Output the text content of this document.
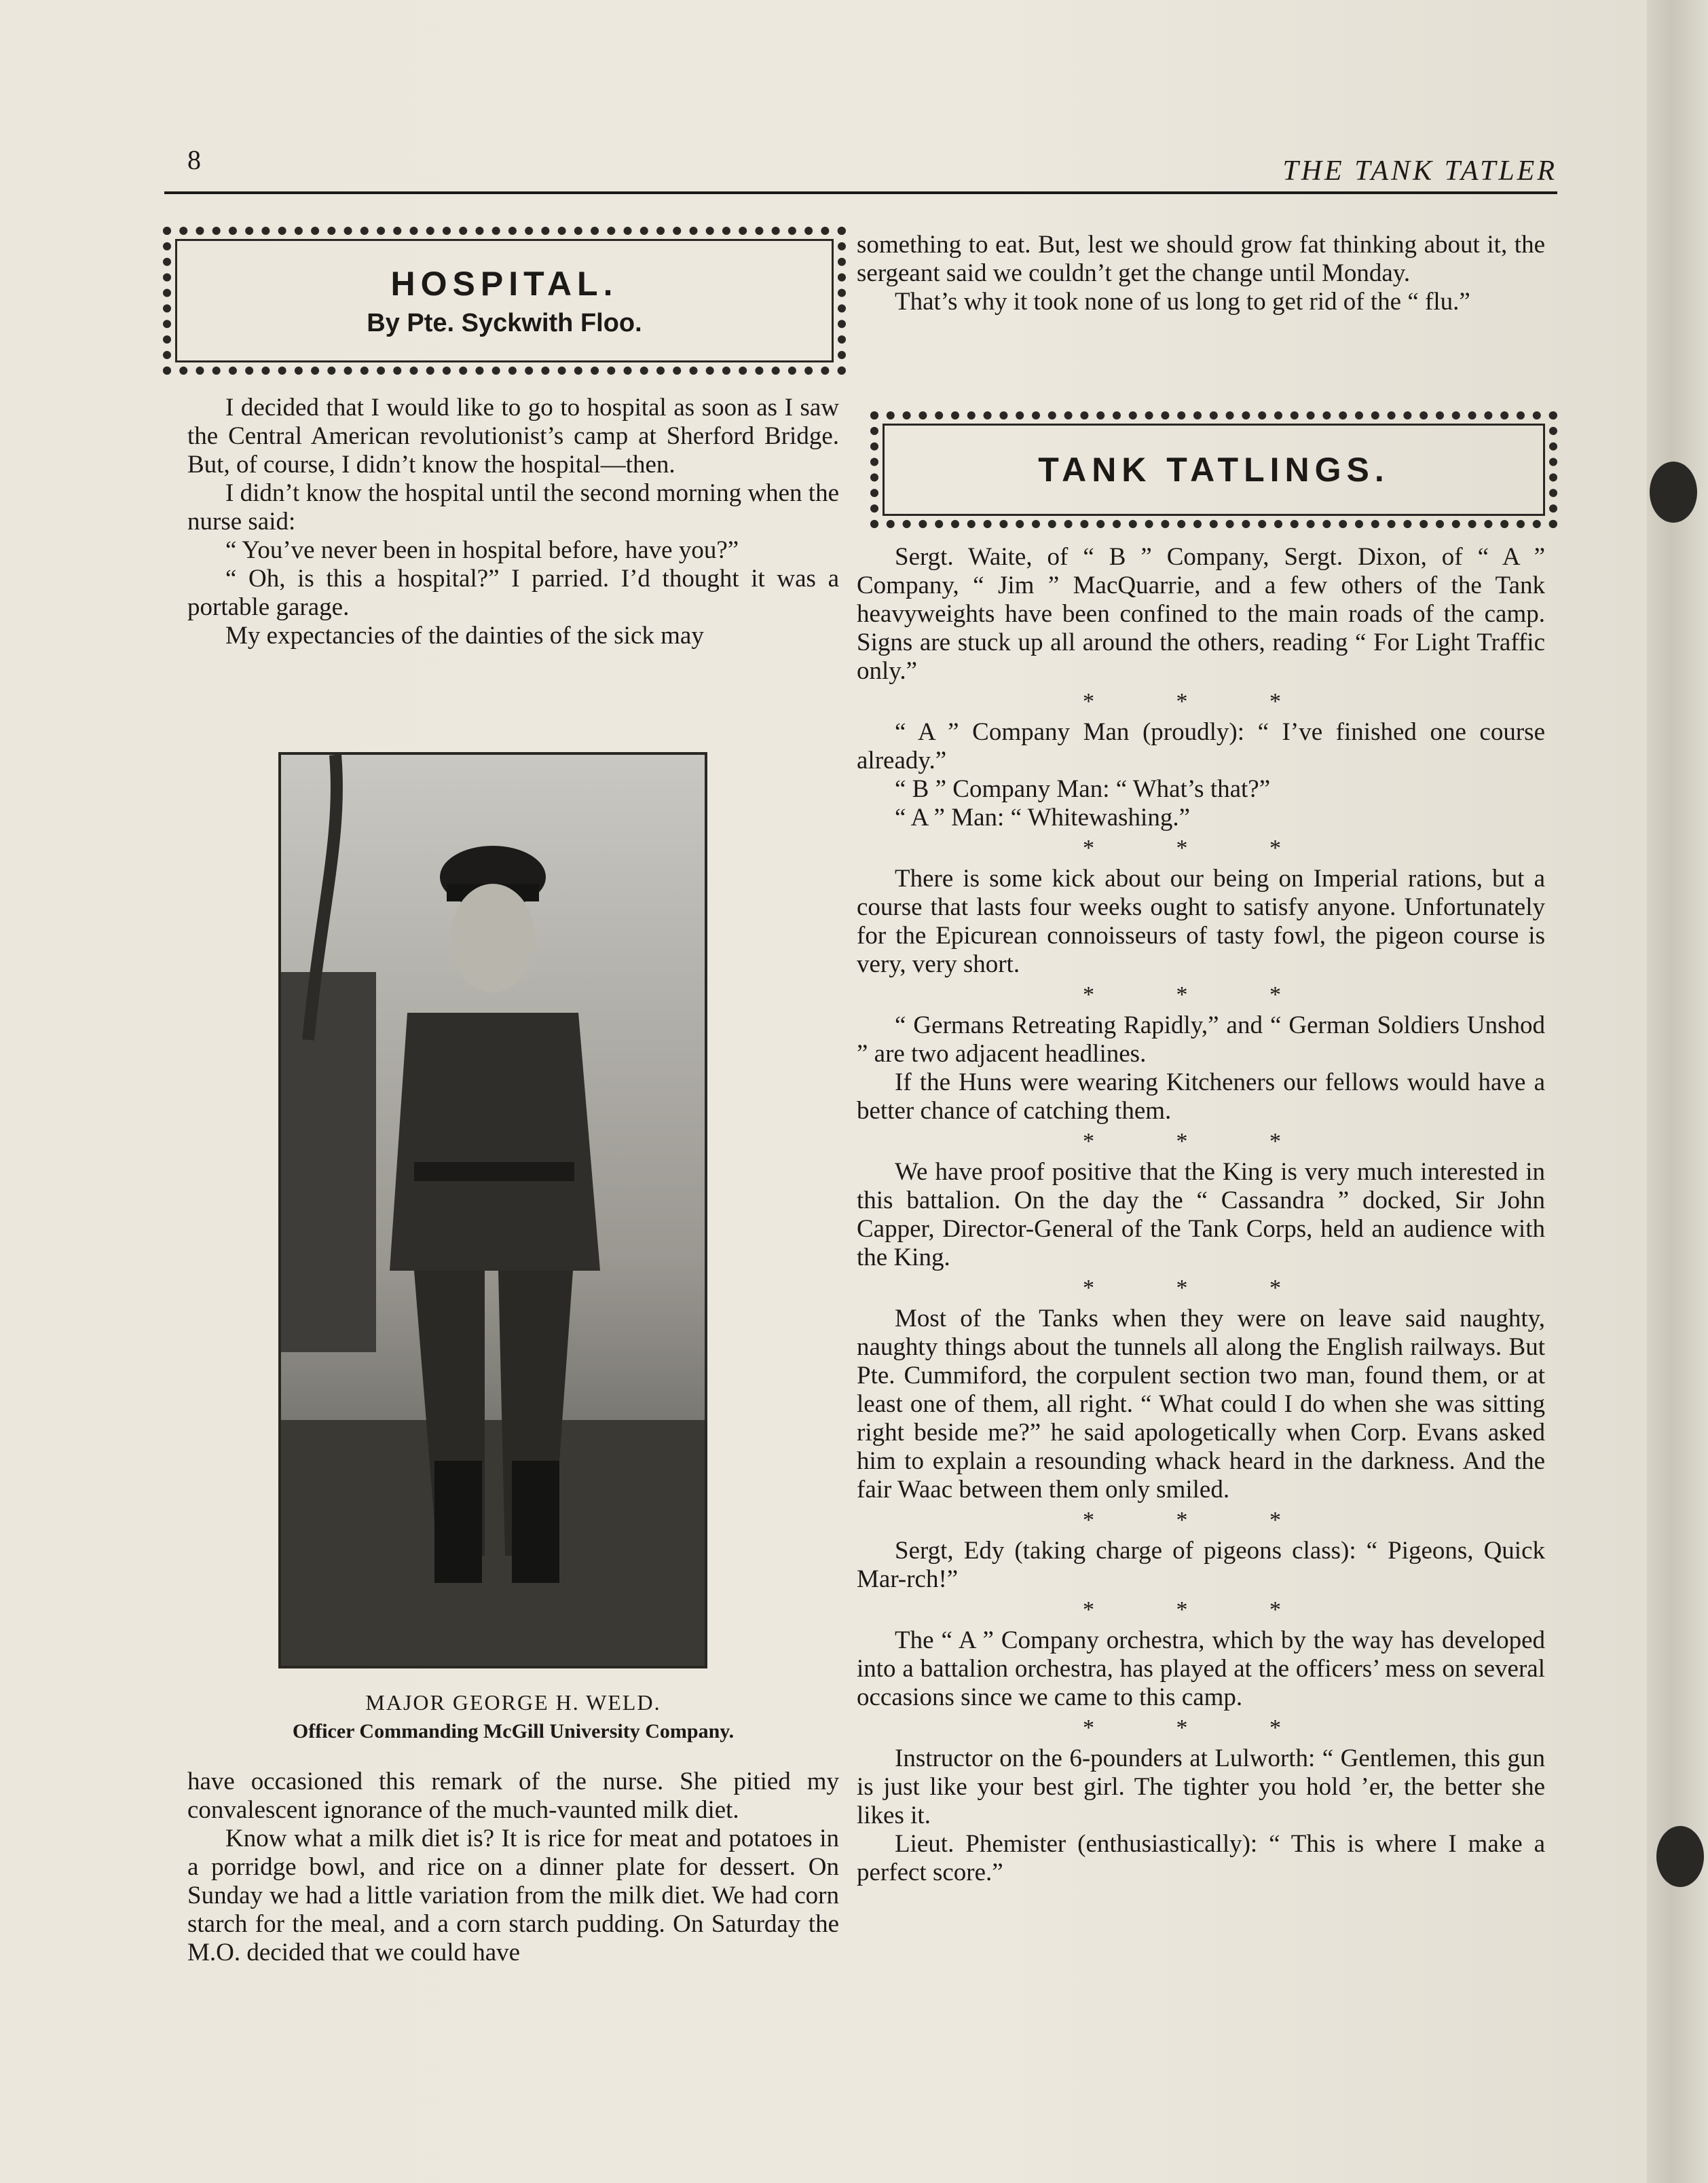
8	THE TANK TATLER
HOSPITAL.
By Pte. Syckwith Floo.

I decided that I would like to go to hospital as soon as I saw the Central American revolutionist’s camp at Sherford Bridge. But, of course, I didn’t know the hospital—then.

I didn’t know the hospital until the second morning when the nurse said:

“ You’ve never been in hospital before, have you?”

“ Oh, is this a hospital?” I parried. I’d thought it was a portable garage.

My expectancies of the dainties of the sick may

MAJOR GEORGE H. WELD.
Officer Commanding McGill University Company.

have occasioned this remark of the nurse. She pitied my convalescent ignorance of the much-vaunted milk diet.

Know what a milk diet is? It is rice for meat and potatoes in a porridge bowl, and rice on a dinner plate for dessert. On Sunday we had a little variation from the milk diet. We had corn starch for the meal, and a corn starch pudding. On Saturday the M.O. decided that we could have

something to eat. But, lest we should grow fat thinking about it, the sergeant said we couldn’t get the change until Monday.

That’s why it took none of us long to get rid of the “ flu.”

TANK TATLINGS.

Sergt. Waite, of “ B ” Company, Sergt. Dixon, of “ A ” Company, “ Jim ” MacQuarrie, and a few others of the Tank heavyweights have been confined to the main roads of the camp. Signs are stuck up all around the others, reading “ For Light Traffic only.”

* * *

“ A ” Company Man (proudly): “ I’ve finished one course already.”

“ B ” Company Man: “ What’s that?”

“ A ” Man: “ Whitewashing.”

* * *

There is some kick about our being on Imperial rations, but a course that lasts four weeks ought to satisfy anyone. Unfortunately for the Epicurean connoisseurs of tasty fowl, the pigeon course is very, very short.

* * *

“ Germans Retreating Rapidly,” and “ German Soldiers Unshod ” are two adjacent headlines.

If the Huns were wearing Kitcheners our fellows would have a better chance of catching them.

* * *

We have proof positive that the King is very much interested in this battalion. On the day the “ Cassandra ” docked, Sir John Capper, Director-General of the Tank Corps, held an audience with the King.

* * *

Most of the Tanks when they were on leave said naughty, naughty things about the tunnels all along the English railways. But Pte. Cummiford, the corpulent section two man, found them, or at least one of them, all right. “ What could I do when she was sitting right beside me?” he said apologetically when Corp. Evans asked him to explain a resounding whack heard in the darkness. And the fair Waac between them only smiled.

* * *

Sergt, Edy (taking charge of pigeons class): “ Pigeons, Quick Mar-rch!”

* * *

The “ A ” Company orchestra, which by the way has developed into a battalion orchestra, has played at the officers’ mess on several occasions since we came to this camp.

* * *

Instructor on the 6-pounders at Lulworth: “ Gentlemen, this gun is just like your best girl. The tighter you hold ’er, the better she likes it.

Lieut. Phemister (enthusiastically): “ This is where I make a perfect score.”
